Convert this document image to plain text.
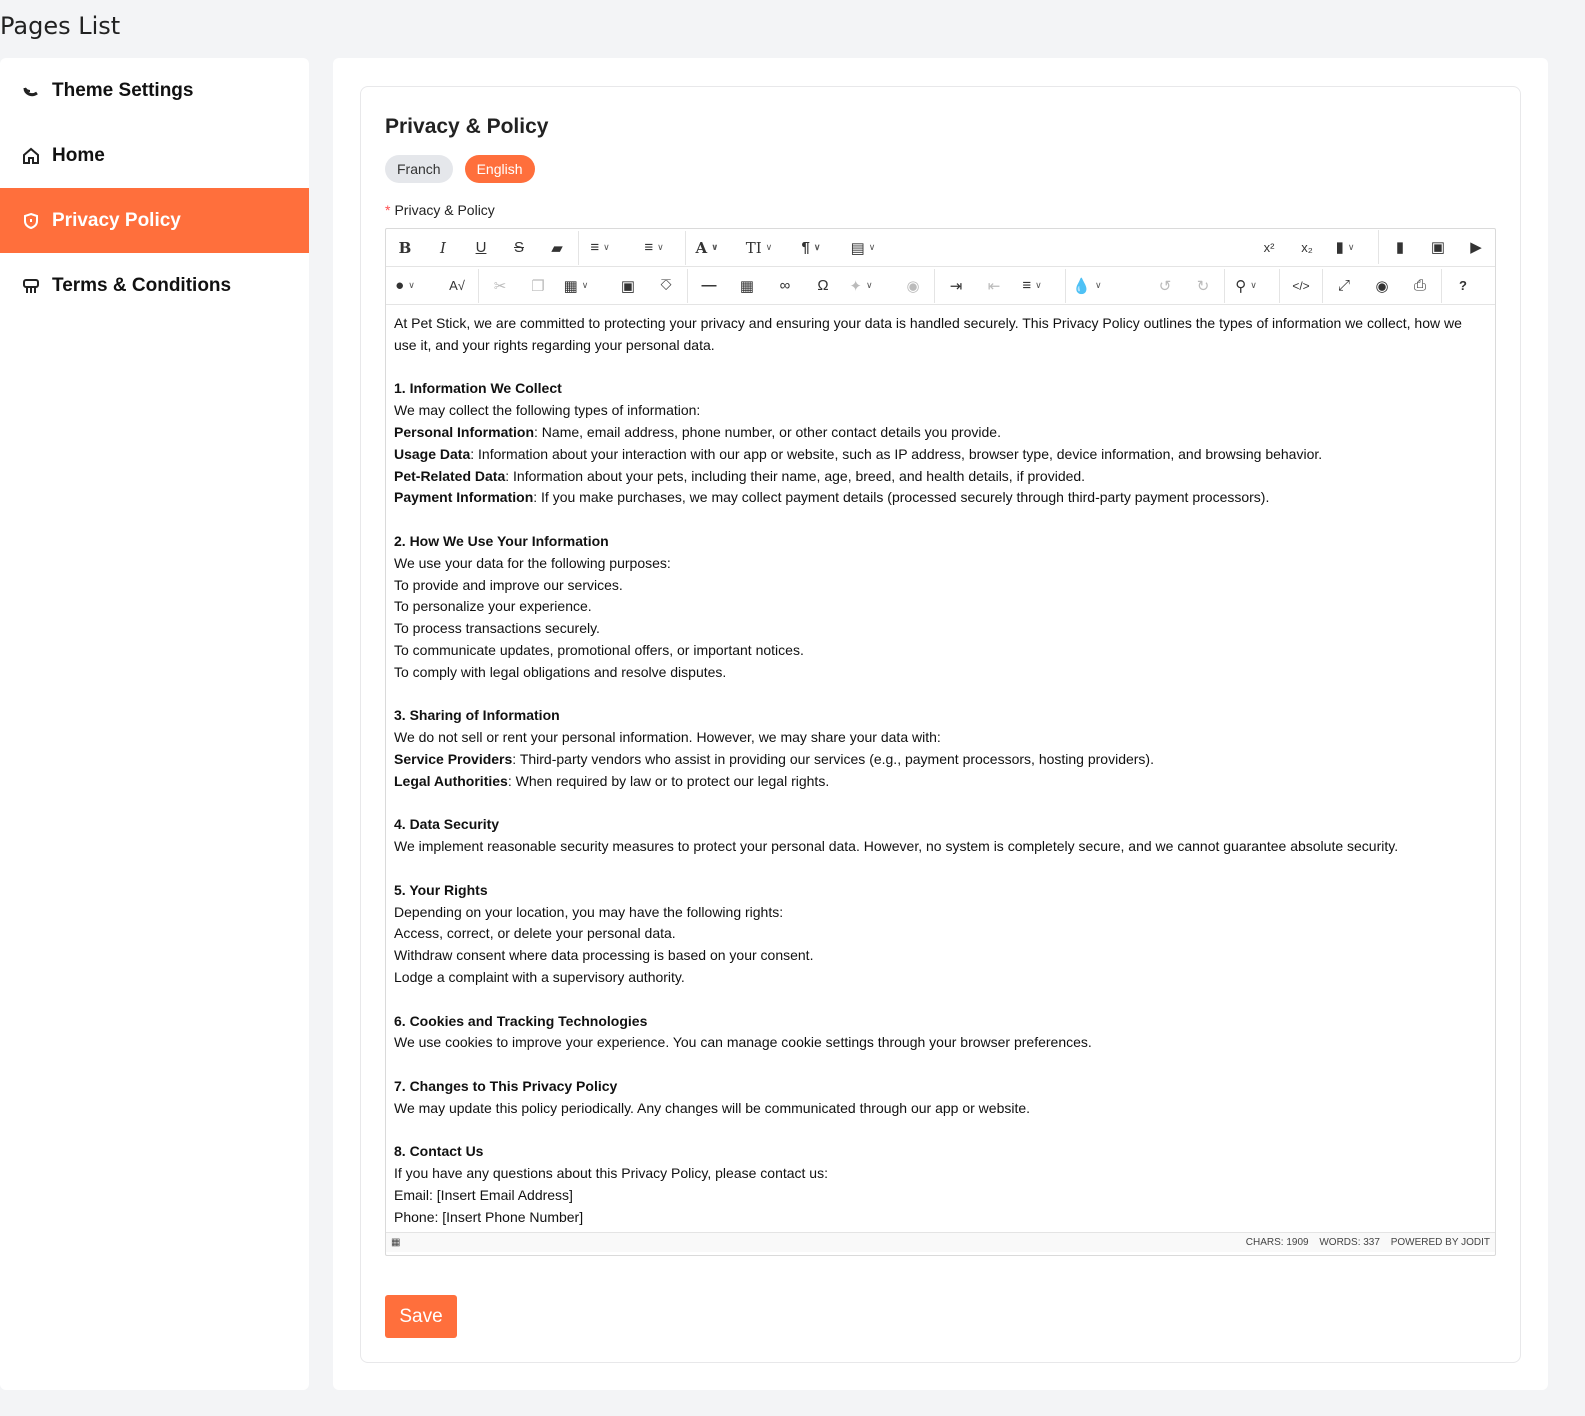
Pages List
Theme Settings
Home
Privacy Policy
Terms & Conditions
Privacy & Policy
Franch	English
* Privacy & Policy
B	I	U	S	▰	≡ ∨	≡ ∨	A ∨	TI ∨	¶ ∨	▤ ∨	x²	x₂	▮ ∨	▮	▣	▶
● ∨	A√	✂	❐	▦ ∨	▣	⎏	—	▦	∞	Ω	✦ ∨	◉	⇥	⇤	≡ ∨ 💧 ∨	↺	↻	⚲ ∨	</>	⤢	◉	⎙	?

At Pet Stick, we are committed to protecting your privacy and ensuring your data is handled securely. This Privacy Policy outlines the types of information we collect, how we use it, and your rights regarding your personal data.

1. Information We Collect

We may collect the following types of information:

Personal Information: Name, email address, phone number, or other contact details you provide.

Usage Data: Information about your interaction with our app or website, such as IP address, browser type, device information, and browsing behavior.

Pet-Related Data: Information about your pets, including their name, age, breed, and health details, if provided.

Payment Information: If you make purchases, we may collect payment details (processed securely through third-party payment processors).

2. How We Use Your Information

We use your data for the following purposes:

To provide and improve our services.

To personalize your experience.

To process transactions securely.

To communicate updates, promotional offers, or important notices.

To comply with legal obligations and resolve disputes.

3. Sharing of Information

We do not sell or rent your personal information. However, we may share your data with:

Service Providers: Third-party vendors who assist in providing our services (e.g., payment processors, hosting providers).

Legal Authorities: When required by law or to protect our legal rights.

4. Data Security

We implement reasonable security measures to protect your personal data. However, no system is completely secure, and we cannot guarantee absolute security.

5. Your Rights

Depending on your location, you may have the following rights:

Access, correct, or delete your personal data.

Withdraw consent where data processing is based on your consent.

Lodge a complaint with a supervisory authority.

6. Cookies and Tracking Technologies

We use cookies to improve your experience. You can manage cookie settings through your browser preferences.

7. Changes to This Privacy Policy

We may update this policy periodically. Any changes will be communicated through our app or website.

8. Contact Us

If you have any questions about this Privacy Policy, please contact us:

Email: [Insert Email Address]

Phone: [Insert Phone Number]

▦	CHARS: 1909 WORDS: 337 POWERED BY JODIT
Save
